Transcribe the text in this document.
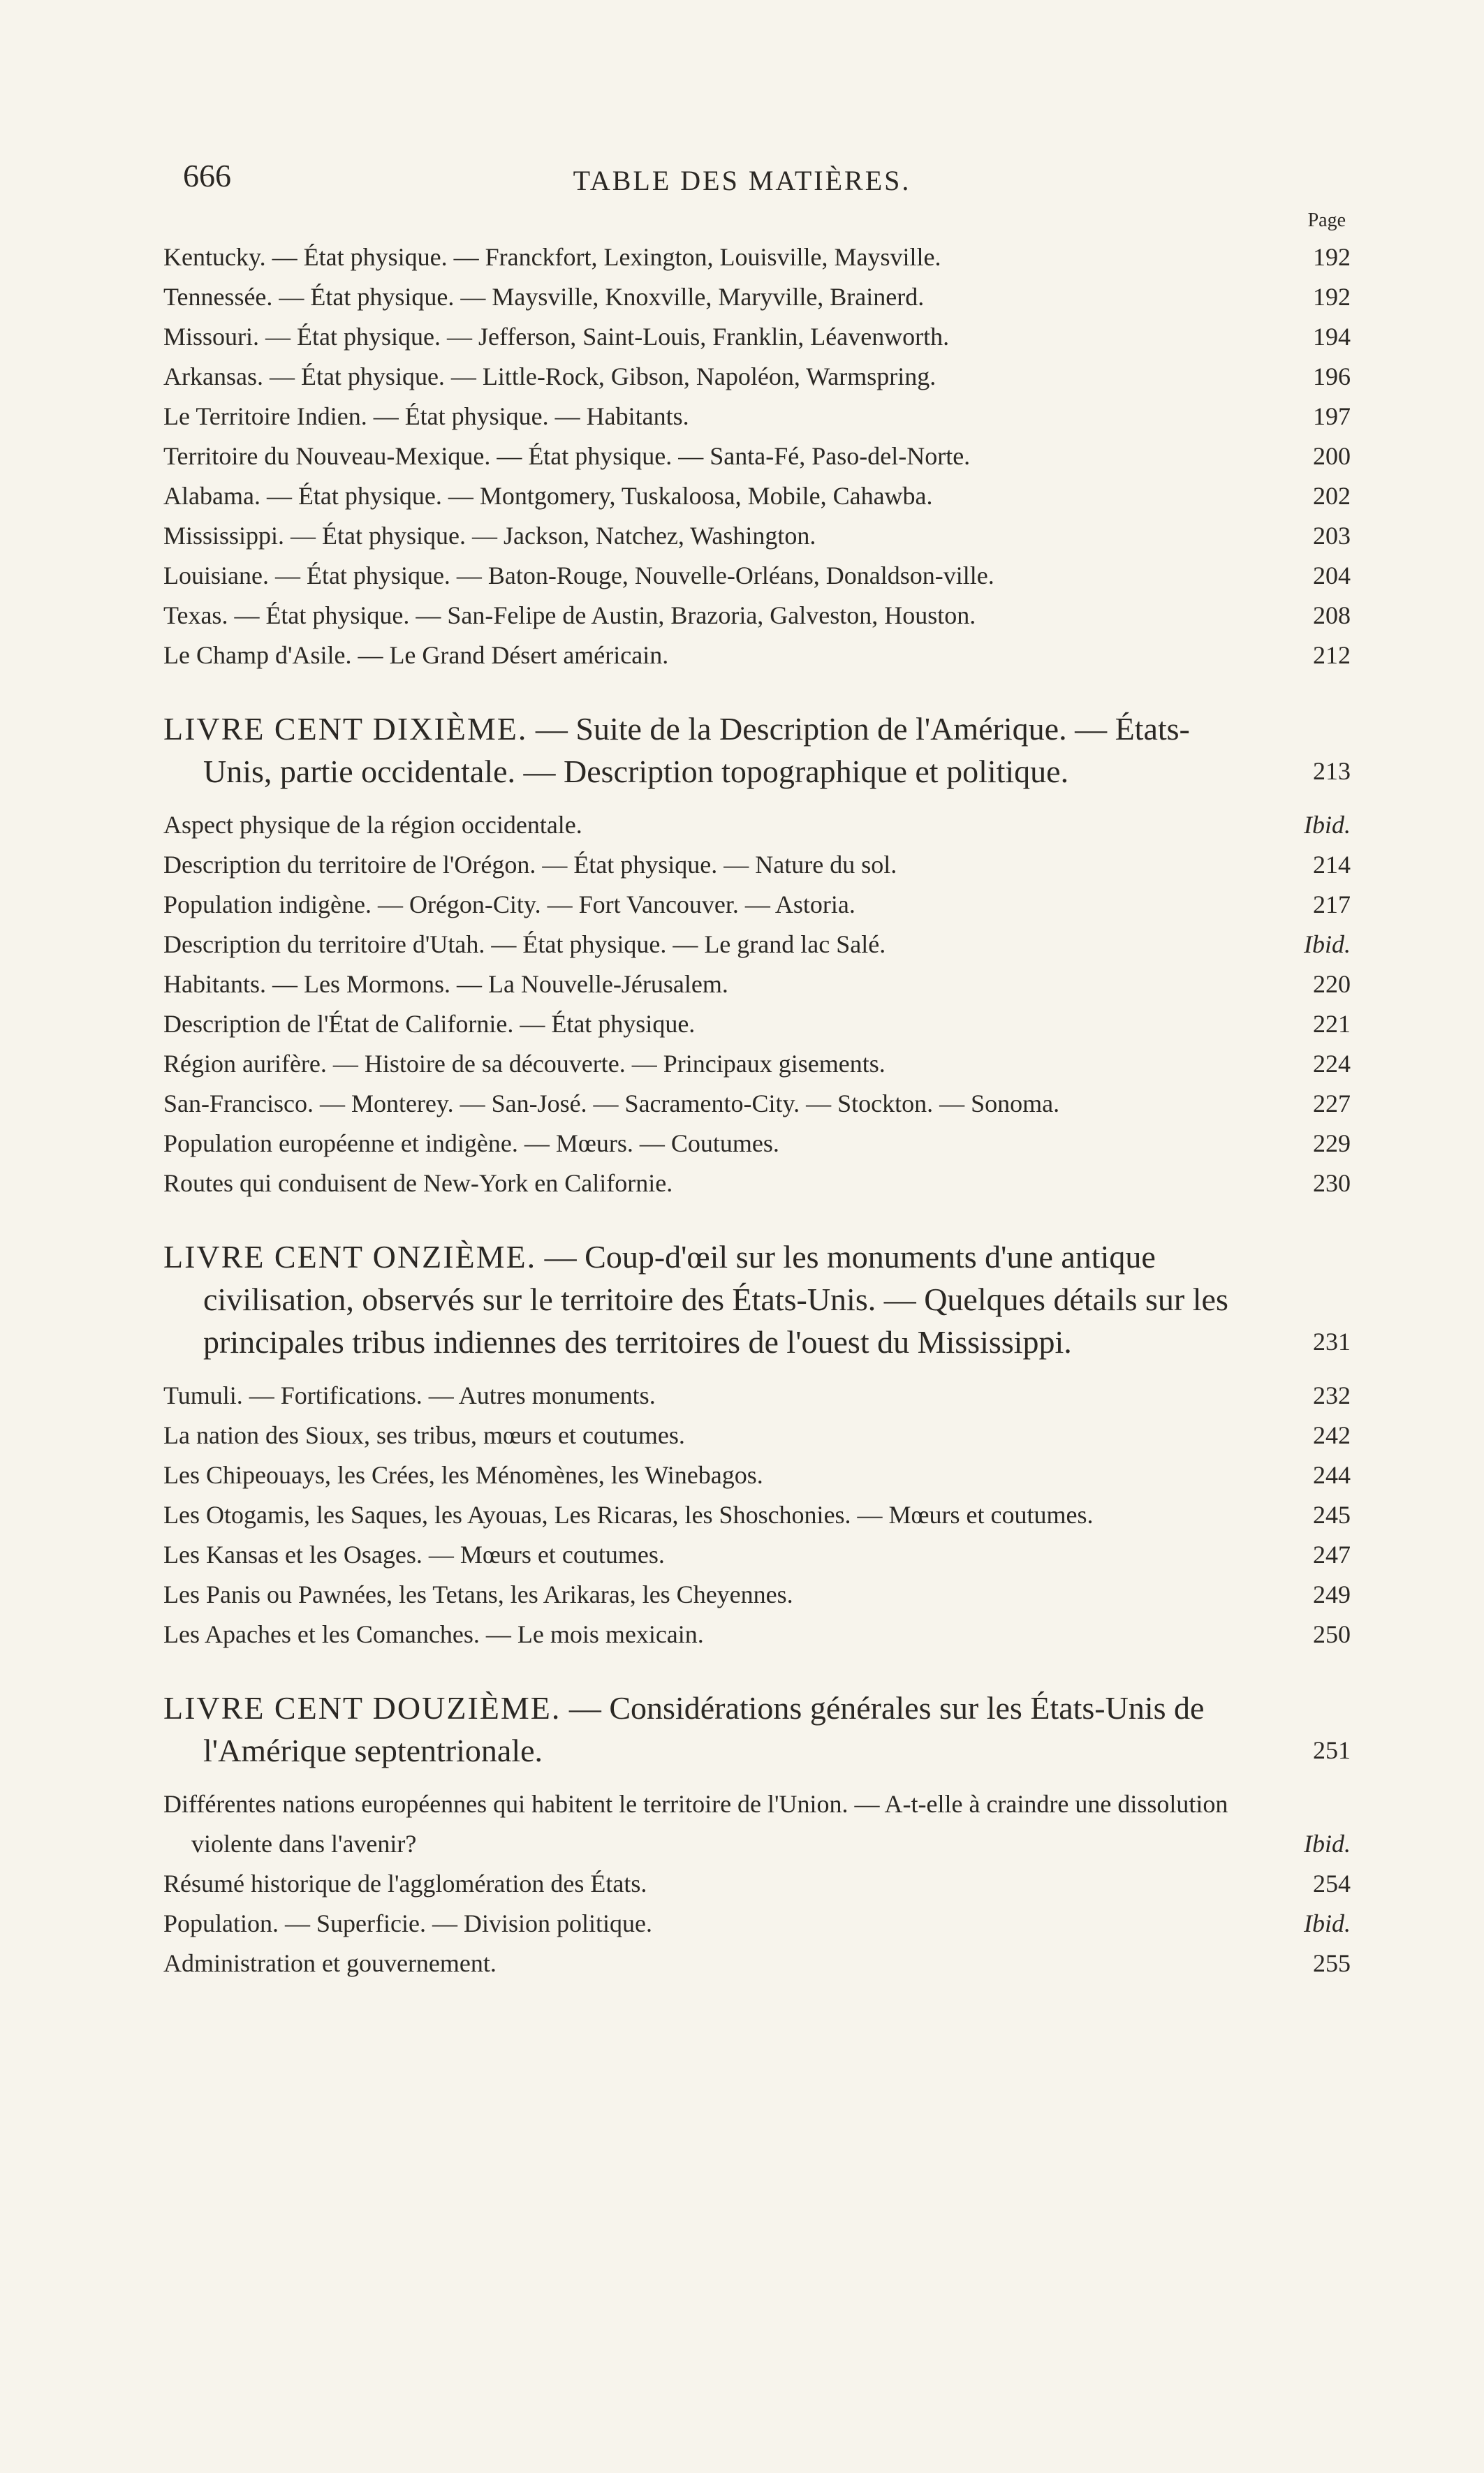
666	TABLE DES MATIÈRES.
Page
Kentucky. — État physique. — Franckfort, Lexington, Louisville, Maysville.	192
Tennessée. — État physique. — Maysville, Knoxville, Maryville, Brainerd.	192
Missouri. — État physique. — Jefferson, Saint-Louis, Franklin, Léavenworth.	194
Arkansas. — État physique. — Little-Rock, Gibson, Napoléon, Warmspring.	196
Le Territoire Indien. — État physique. — Habitants.	197
Territoire du Nouveau-Mexique. — État physique. — Santa-Fé, Paso-del-Norte.	200
Alabama. — État physique. — Montgomery, Tuskaloosa, Mobile, Cahawba.	202
Mississippi. — État physique. — Jackson, Natchez, Washington.	203
Louisiane. — État physique. — Baton-Rouge, Nouvelle-Orléans, Donaldson-ville.	204
Texas. — État physique. — San-Felipe de Austin, Brazoria, Galveston, Houston.	208
Le Champ d'Asile. — Le Grand Désert américain.	212
LIVRE CENT DIXIÈME. — Suite de la Description de l'Amérique. — États-Unis, partie occidentale. — Description topographique et politique.	213
Aspect physique de la région occidentale.	Ibid.
Description du territoire de l'Orégon. — État physique. — Nature du sol.	214
Population indigène. — Orégon-City. — Fort Vancouver. — Astoria.	217
Description du territoire d'Utah. — État physique. — Le grand lac Salé.	Ibid.
Habitants. — Les Mormons. — La Nouvelle-Jérusalem.	220
Description de l'État de Californie. — État physique.	221
Région aurifère. — Histoire de sa découverte. — Principaux gisements.	224
San-Francisco. — Monterey. — San-José. — Sacramento-City. — Stockton. — Sonoma.	227
Population européenne et indigène. — Mœurs. — Coutumes.	229
Routes qui conduisent de New-York en Californie.	230
LIVRE CENT ONZIÈME. — Coup-d'œil sur les monuments d'une antique civilisation, observés sur le territoire des États-Unis. — Quelques détails sur les principales tribus indiennes des territoires de l'ouest du Mississippi.	231
Tumuli. — Fortifications. — Autres monuments.	232
La nation des Sioux, ses tribus, mœurs et coutumes.	242
Les Chipeouays, les Crées, les Ménomènes, les Winebagos.	244
Les Otogamis, les Saques, les Ayouas, Les Ricaras, les Shoschonies. — Mœurs et coutumes.	245
Les Kansas et les Osages. — Mœurs et coutumes.	247
Les Panis ou Pawnées, les Tetans, les Arikaras, les Cheyennes.	249
Les Apaches et les Comanches. — Le mois mexicain.	250
LIVRE CENT DOUZIÈME. — Considérations générales sur les États-Unis de l'Amérique septentrionale.	251
Différentes nations européennes qui habitent le territoire de l'Union. — A-t-elle à craindre une dissolution violente dans l'avenir?	Ibid.
Résumé historique de l'agglomération des États.	254
Population. — Superficie. — Division politique.	Ibid.
Administration et gouvernement.	255
